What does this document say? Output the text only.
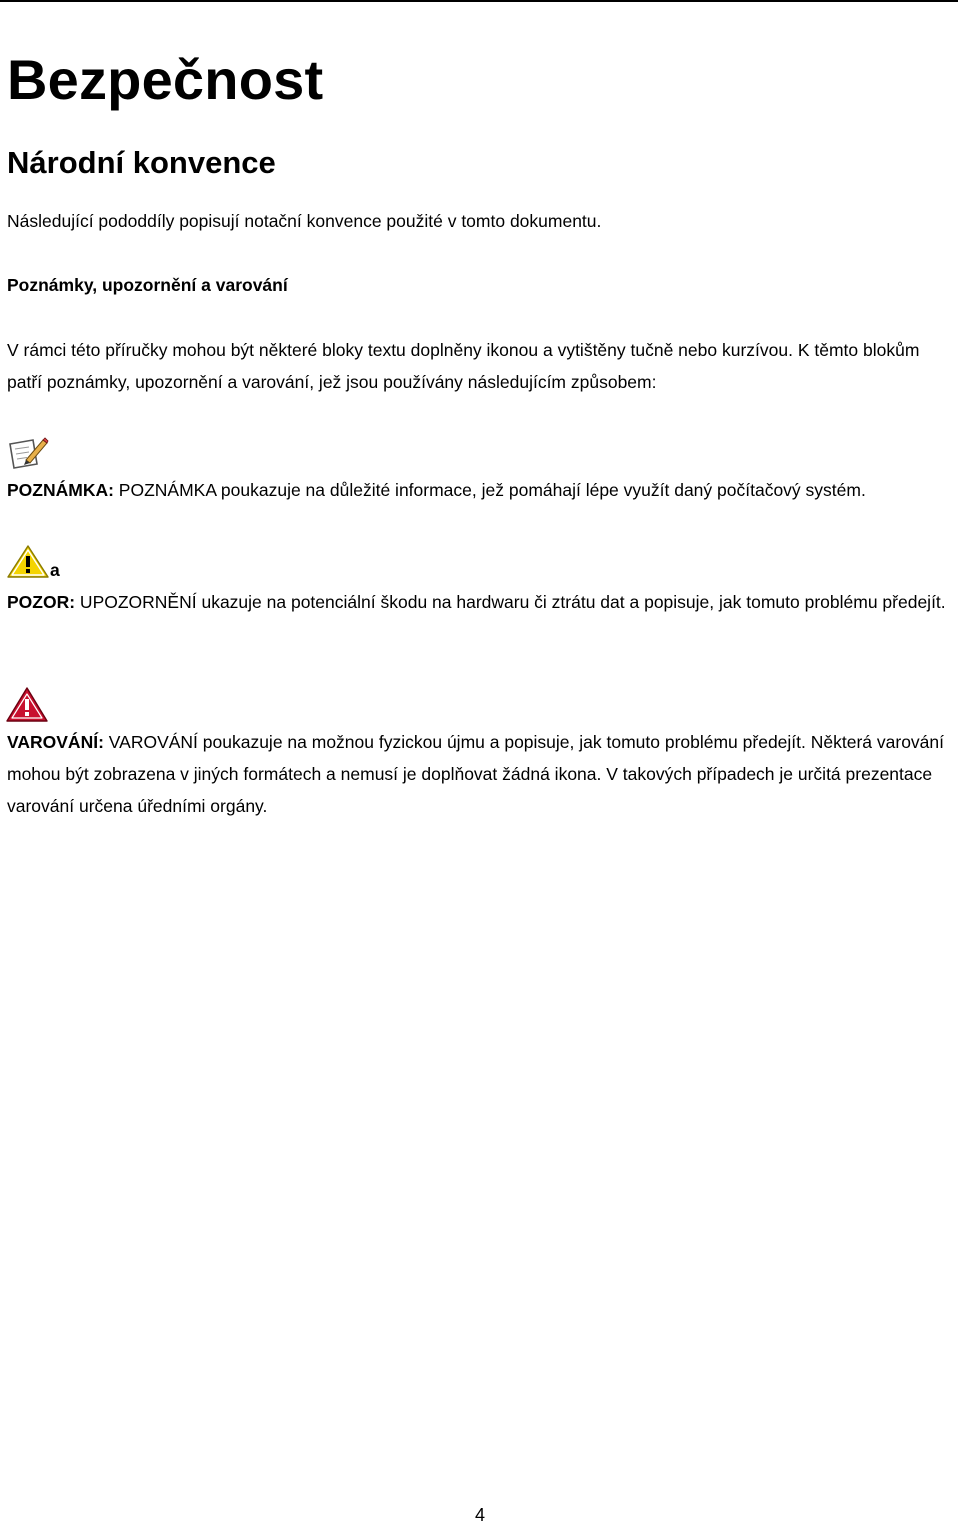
Bezpečnost
Národní konvence

Následující pododdíly popisují notační konvence použité v tomto dokumentu.

Poznámky, upozornění a varování

V rámci této příručky mohou být některé bloky textu doplněny ikonou a vytištěny tučně nebo kurzívou. K těmto blokům patří poznámky, upozornění a varování, jež jsou používány následujícím způsobem:

POZNÁMKA: POZNÁMKA poukazuje na důležité informace, jež pomáhají lépe využít daný počítačový systém.

a

POZOR: UPOZORNĚNÍ ukazuje na potenciální škodu na hardwaru či ztrátu dat a popisuje, jak tomuto problému předejít.

VAROVÁNÍ: VAROVÁNÍ poukazuje na možnou fyzickou újmu a popisuje, jak tomuto problému předejít. Některá varování mohou být zobrazena v jiných formátech a nemusí je doplňovat žádná ikona. V takových případech je určitá prezentace varování určena úředními orgány.

4
